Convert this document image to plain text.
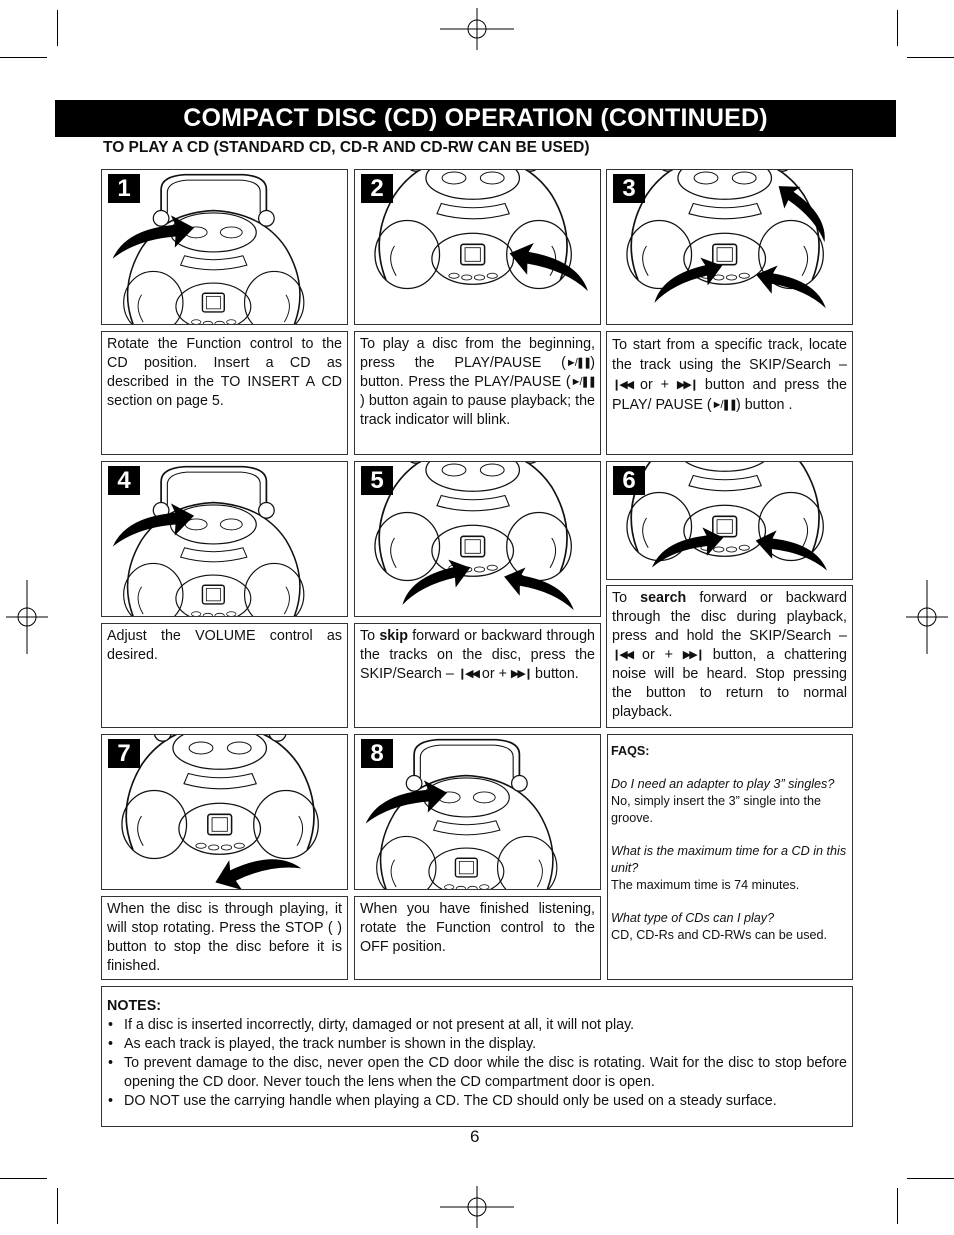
COMPACT DISC (CD) OPERATION (CONTINUED)
TO PLAY A CD (STANDARD CD, CD-R AND CD-RW CAN BE USED)
1	2	3

Rotate the Function control to the CD position. Insert a CD as described in the TO INSERT A CD section on page 5.

To play a disc from the beginning, press the PLAY/PAUSE (►/❚❚) button. Press the PLAY/PAUSE (►/❚❚) button again to pause playback; the track indicator will blink.

To start from a specific track, locate the track using the SKIP/Search – ❙◀◀ or + ▶▶❙ button and press the PLAY/ PAUSE (►/❚❚) button .

4	5	6

Adjust the VOLUME control as desired.

To skip forward or backward through the tracks on the disc, press the SKIP/Search – ❙◀◀ or + ▶▶❙ button.

To search forward or backward through the disc during playback, press and hold the SKIP/Search – ❙◀◀ or + ▶▶❙ button, a chattering noise will be heard. Stop pressing the button to return to normal playback.

7	8

When the disc is through playing, it will stop rotating. Press the STOP ( ) button to stop the disc before it is finished.

When you have finished listening, rotate the Function control to the OFF position.

FAQS:
Do I need an adapter to play 3” singles?
No, simply insert the 3” single into the groove.
What is the maximum time for a CD in this unit?
The maximum time is 74 minutes.
What type of CDs can I play?
CD, CD-Rs and CD-RWs can be used.
NOTES:
• If a disc is inserted incorrectly, dirty, damaged or not present at all, it will not play.
• As each track is played, the track number is shown in the display.
• To prevent damage to the disc, never open the CD door while the disc is rotating. Wait for the disc to stop before opening the CD door. Never touch the lens when the CD compartment door is open.
• DO NOT use the carrying handle when playing a CD. The CD should only be used on a steady surface.
6
